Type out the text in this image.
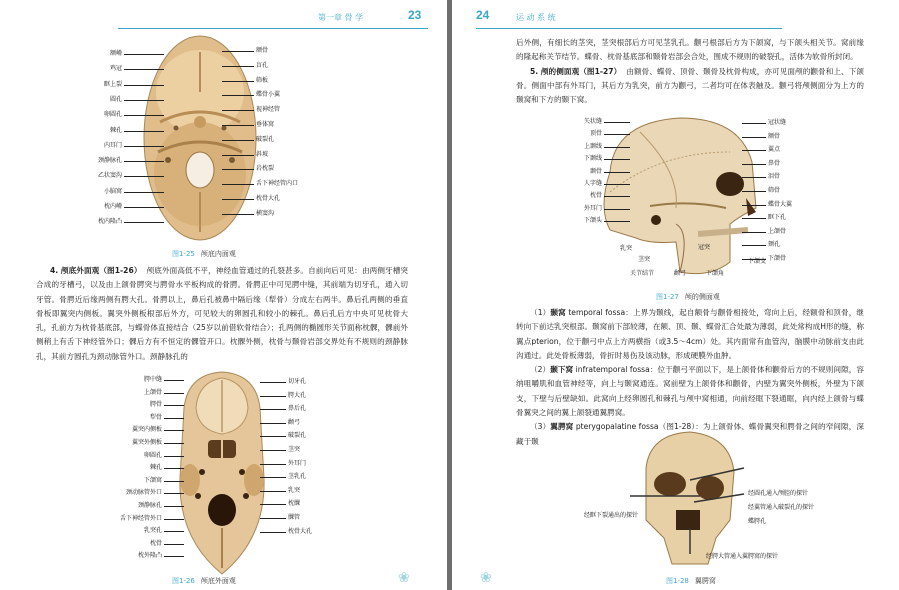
第一章 骨 学	23
额嵴
鸡冠
眶上裂
圆孔
卵圆孔
棘孔
内耳门
颈静脉孔
乙状窦沟
小脑窝
枕内嵴
枕内隆凸
额骨
盲孔
筛板
蝶骨小翼
视神经管
垂体窝
破裂孔
斜坡
岩枕裂
舌下神经管内口
枕骨大孔
横窦沟
图1-25 颅底内面观

4. 颅底外面观（图1-26） 颅底外面高低不平，神经血管通过的孔裂甚多。自前向后可见：由两侧牙槽突合成的牙槽弓，以及由上颌骨腭突与腭骨水平板构成的骨腭。骨腭正中可见腭中缝，其前端为切牙孔，通入切牙管。骨腭近后缘两侧有腭大孔。骨腭以上，鼻后孔被鼻中隔后缘（犁骨）分成左右两半。鼻后孔两侧的垂直骨板即翼突内侧板。翼突外侧板根部后外方，可见较大的卵圆孔和较小的棘孔。鼻后孔后方中央可见枕骨大孔，孔前方为枕骨基底部，与蝶骨体直接结合（25岁以前借软骨结合）；孔两侧的椭圆形关节面称枕髁，髁前外侧稍上有舌下神经管外口；髁后方有不恒定的髁管开口。枕髁外侧，枕骨与颞骨岩部交界处有不规则的颈静脉孔，其前方圆孔为颈动脉管外口。颈静脉孔的

腭中缝
上颌骨
腭骨
犁骨
翼突内侧板
翼突外侧板
卵圆孔
棘孔
下颌窝
颈动脉管外口
颈静脉孔
舌下神经管外口
乳突孔
枕骨
枕外隆凸
切牙孔
腭大孔
鼻后孔
颧弓
破裂孔
茎突
外耳门
茎乳孔
乳突
枕髁
髁管
枕骨大孔
图1-26 颅底外面观	❀
24	运 动 系 统

后外侧，有细长的茎突，茎突根部后方可见茎乳孔。颧弓根部后方为下颌窝，与下颌头相关节。窝前缘的隆起称关节结节。蝶骨、枕骨基底部和颞骨岩部会合处，围成不规则的破裂孔，活体为软骨所封闭。

5. 颅的侧面观（图1-27） 由额骨、蝶骨、顶骨、颞骨及枕骨构成，亦可见面颅的颧骨和上、下颌骨。侧面中部有外耳门，其后方为乳突，前方为颧弓，二者均可在体表触及。颧弓将颅侧面分为上方的颞窝和下方的颞下窝。

矢状缝
顶骨
上颞线
下颞线
颞骨
人字缝
枕骨
外耳门
下颌头
冠状缝
额骨
翼点
鼻骨
泪骨
筛骨
蝶骨大翼
眶下孔
上颌骨
颏孔
下颌骨
乳突
茎突
关节结节	颧弓
冠突
下颌角
下颌支
图1-27 颅的侧面观

（1）颞窝 temporal fossa：上界为颞线，起自额骨与颧骨相接处，弯向上后，经额骨和顶骨，继转向下前达乳突根部。颞窝前下部较薄，在额、顶、颞、蝶骨汇合处最为薄弱，此处常构成H形的缝，称翼点pterion，位于颧弓中点上方两横指（或3.5～4cm）处。其内面常有血管沟，脑膜中动脉前支由此沟通过。此处骨板薄弱，骨折时易伤及该动脉，形成硬膜外血肿。

（2）颞下窝 infratemporal fossa：位于颧弓平面以下，是上颌骨体和颧骨后方的不规则间隙，容纳咀嚼肌和血管神经等，向上与颞窝通连。窝前壁为上颌骨体和颧骨，内壁为翼突外侧板，外壁为下颌支，下壁与后壁缺如。此窝向上经卵圆孔和棘孔与颅中窝相通，向前经眶下裂通眶，向内经上颌骨与蝶骨翼突之间的翼上颌裂通翼腭窝。

（3）翼腭窝 pterygopalatine fossa（图1-28）：为上颌骨体、蝶骨翼突和腭骨之间的窄间隙，深藏于颞

经圆孔通入颅腔的探针
经翼管通入破裂孔的探针
蝶腭孔
经眶下裂通出的探针
经腭大管通入翼腭窝的探针
图1-28 翼腭窝
❀
